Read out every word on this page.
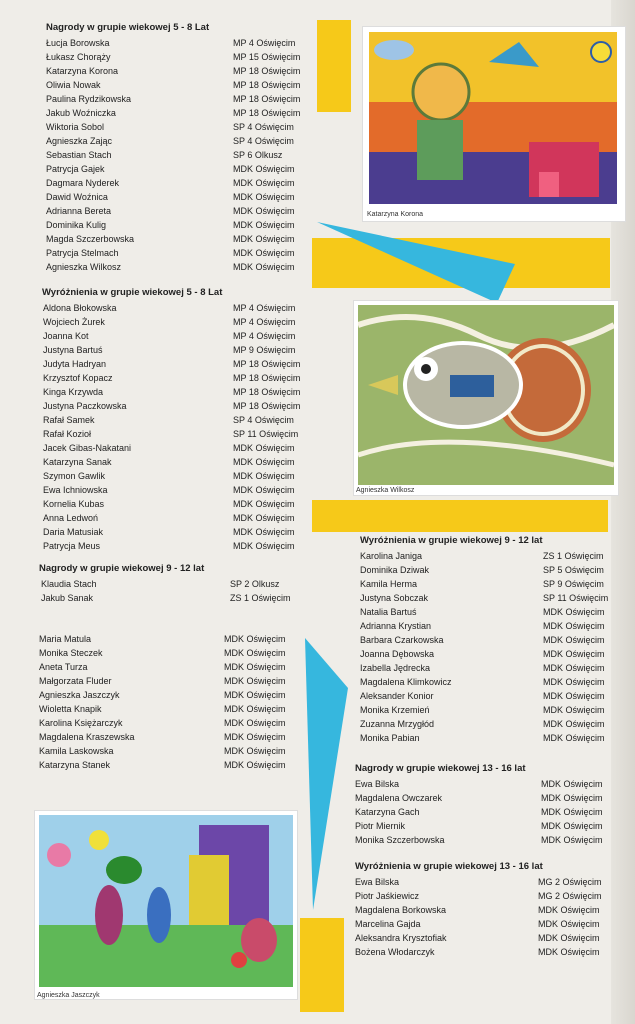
Katarzyna Korona
Agnieszka Wilkosz
Agnieszka Jaszczyk
Nagrody w grupie wiekowej 5 - 8 Lat
Łucja Borowska	MP 4 Oświęcim
Łukasz Chorąży	MP 15 Oświęcim
Katarzyna Korona	MP 18 Oświęcim
Oliwia Nowak	MP 18 Oświęcim
Paulina Rydzikowska	MP 18 Oświęcim
Jakub Woźniczka	MP 18 Oświęcim
Wiktoria Sobol	SP 4 Oświęcim
Agnieszka Zając	SP 4 Oświęcim
Sebastian Stach	SP 6 Olkusz
Patrycja Gajek	MDK Oświęcim
Dagmara Nyderek	MDK Oświęcim
Dawid Woźnica	MDK Oświęcim
Adrianna Bereta	MDK Oświęcim
Dominika Kulig	MDK Oświęcim
Magda Szczerbowska	MDK Oświęcim
Patrycja Stelmach	MDK Oświęcim
Agnieszka Wilkosz	MDK Oświęcim
Wyróżnienia w grupie wiekowej 5 - 8 Lat
Aldona Błokowska	MP 4 Oświęcim
Wojciech Żurek	MP 4 Oświęcim
Joanna Kot	MP 4 Oświęcim
Justyna Bartuś	MP 9 Oświęcim
Judyta Hadryan	MP 18 Oświęcim
Krzysztof Kopacz	MP 18 Oświęcim
Kinga Krzywda	MP 18 Oświęcim
Justyna Paczkowska	MP 18 Oświęcim
Rafał Samek	SP 4 Oświęcim
Rafał Kozioł	SP 11 Oświęcim
Jacek Gibas-Nakatani	MDK Oświęcim
Katarzyna Sanak	MDK Oświęcim
Szymon Gawlik	MDK Oświęcim
Ewa Ichniowska	MDK Oświęcim
Kornelia Kubas	MDK Oświęcim
Anna Ledwoń	MDK Oświęcim
Daria Matusiak	MDK Oświęcim
Patrycja Meus	MDK Oświęcim
Nagrody w grupie wiekowej 9 - 12 lat
Klaudia Stach	SP 2 Olkusz
Jakub Sanak	ZS 1 Oświęcim
Maria Matula	MDK Oświęcim
Monika Steczek	MDK Oświęcim
Aneta Turza	MDK Oświęcim
Małgorzata Fluder	MDK Oświęcim
Agnieszka Jaszczyk	MDK Oświęcim
Wioletta Knapik	MDK Oświęcim
Karolina Księżarczyk	MDK Oświęcim
Magdalena Kraszewska	MDK Oświęcim
Kamila Laskowska	MDK Oświęcim
Katarzyna Stanek	MDK Oświęcim
Wyróżnienia w grupie wiekowej 9 - 12 lat
Karolina Janiga	ZS 1 Oświęcim
Dominika Dziwak	SP 5 Oświęcim
Kamila Herma	SP 9 Oświęcim
Justyna Sobczak	SP 11 Oświęcim
Natalia Bartuś	MDK Oświęcim
Adrianna Krystian	MDK Oświęcim
Barbara Czarkowska	MDK Oświęcim
Joanna Dębowska	MDK Oświęcim
Izabella Jędrecka	MDK Oświęcim
Magdalena Klimkowicz	MDK Oświęcim
Aleksander Konior	MDK Oświęcim
Monika Krzemień	MDK Oświęcim
Zuzanna Mrzygłód	MDK Oświęcim
Monika Pabian	MDK Oświęcim
Nagrody w grupie wiekowej 13 - 16 lat
Ewa Bilska	MDK Oświęcim
Magdalena Owczarek	MDK Oświęcim
Katarzyna Gach	MDK Oświęcim
Piotr Miernik	MDK Oświęcim
Monika Szczerbowska	MDK Oświęcim
Wyróżnienia w grupie wiekowej 13 - 16 lat
Ewa Bilska	MG 2 Oświęcim
Piotr Jaśkiewicz	MG 2 Oświęcim
Magdalena Borkowska	MDK Oświęcim
Marcelina Gajda	MDK Oświęcim
Aleksandra Krysztofiak	MDK Oświęcim
Bożena Włodarczyk	MDK Oświęcim
